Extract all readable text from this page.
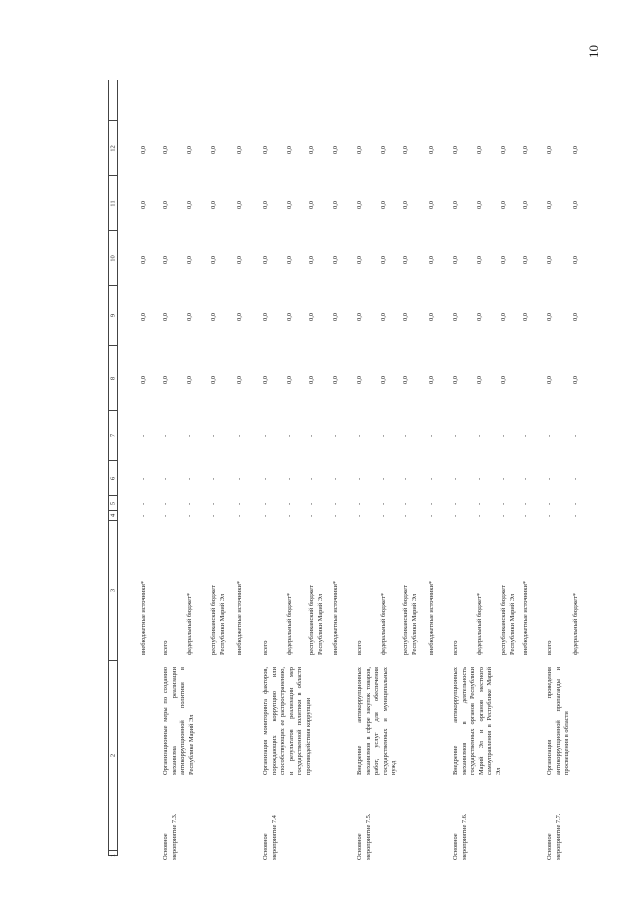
10
1
2
3
4
5
6
7
8
9
10
11
12
внебюджетные источники*
-
-
-
-
0,0
0,0
0,0
0,0
0,0
Основное мероприятие 7.3.
Организационные меры по созданию механизма реализации антикоррупционной политики в Республике Марий Эл
всего
-
-
-
-
0,0
0,0
0,0
0,0
0,0
федеральный бюджет*
-
-
-
-
0,0
0,0
0,0
0,0
0,0
республиканский бюджет Республики Марий Эл
-
-
-
-
0,0
0,0
0,0
0,0
0,0
внебюджетные источники*
-
-
-
-
0,0
0,0
0,0
0,0
0,0
Основное мероприятие 7.4
Организация мониторинга факторов, порождающих коррупцию или способствующих ее распространению, и результатов реализации мер государственной политики в области противодействия коррупции
всего
-
-
-
-
0,0
0,0
0,0
0,0
0,0
федеральный бюджет*
-
-
-
-
0,0
0,0
0,0
0,0
0,0
республиканский бюджет Республики Марий Эл
-
-
-
-
0,0
0,0
0,0
0,0
0,0
внебюджетные источники*
-
-
-
-
0,0
0,0
0,0
0,0
0,0
Основное мероприятие 7.5.
Внедрение антикоррупционных механизмов в сфере закупок товаров, работ, услуг для обеспечения государственных и муниципальных нужд
всего
-
-
-
-
0,0
0,0
0,0
0,0
0,0
федеральный бюджет*
-
-
-
-
0,0
0,0
0,0
0,0
0,0
республиканский бюджет Республики Марий Эл
-
-
-
-
0,0
0,0
0,0
0,0
0,0
внебюджетные источники*
-
-
-
-
0,0
0,0
0,0
0,0
0,0
Основное мероприятие 7.6.
Внедрение антикоррупционных механизмов в деятельность государственных органов Республики Марий Эл и органов местного самоуправления в Республике Марий Эл
всего
-
-
-
-
0,0
0,0
0,0
0,0
0,0
федеральный бюджет*
-
-
-
-
0,0
0,0
0,0
0,0
0,0
республиканский бюджет Республики Марий Эл
-
-
-
-
0,0
0,0
0,0
0,0
0,0
внебюджетные источники*
-
-
-
-
0,0
0,0
0,0
0,0
Основное мероприятие 7.7.
Организация проведения антикоррупционной пропаганды и просвещения в области
всего
-
-
-
-
0,0
0,0
0,0
0,0
0,0
федеральный бюджет*
-
-
-
-
0,0
0,0
0,0
0,0
0,0
